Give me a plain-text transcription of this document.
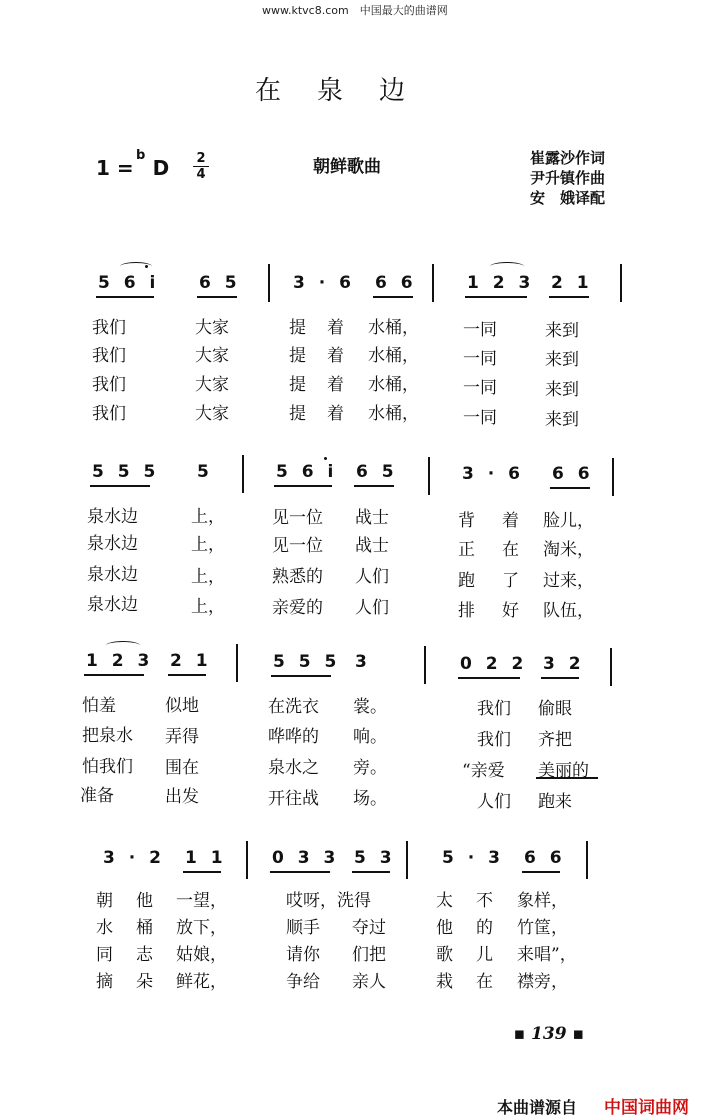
www.ktvc8.com　中国最大的曲谱网
在泉边
1 =
b
D 2
4	朝鲜歌曲	崔露沙作词
尹升镇作曲
安　娥译配
5 6 i 6 5	3 · 6 6 6	1 2 3 2 1
我们	大家	提 着 水桶，	一同	来到
我们	大家	提 着 水桶，	一同	来到
我们	大家	提 着 水桶，	一同	来到
我们	大家	提 着 水桶，	一同	来到
5 5 5 5	5 6 i 6 5	3 · 6 6 6
泉水边	上，	见一位 战士	背 着 脸儿，
泉水边	上，	见一位 战士	正 在 淘米，
泉水边	上，	熟悉的 人们	跑 了 过来，
泉水边	上，	亲爱的 人们	排 好 队伍，
1 2 3 2 1	5 5 5 3	0 2 2 3 2
怕羞	似地	在洗衣 裳。	我们 偷眼
把泉水 弄得	哗哗的 响。	我们 齐把
怕我们 围在	泉水之 旁。	“亲爱 美丽的
准备	出发	开往战 场。	人们 跑来
3 · 2 1 1	0 3 3 5 3	5 · 3 6 6
朝 他 一望，	哎呀，洗得	太 不 象样，
水 桶 放下，	顺手 夺过	他 的 竹筐，
同 志 姑娘，	请你 们把	歌 儿 来唱”，
摘 朵 鲜花，	争给 亲人	栽 在 襟旁，
▪ 139 ▪
本曲谱源自 中国词曲网
